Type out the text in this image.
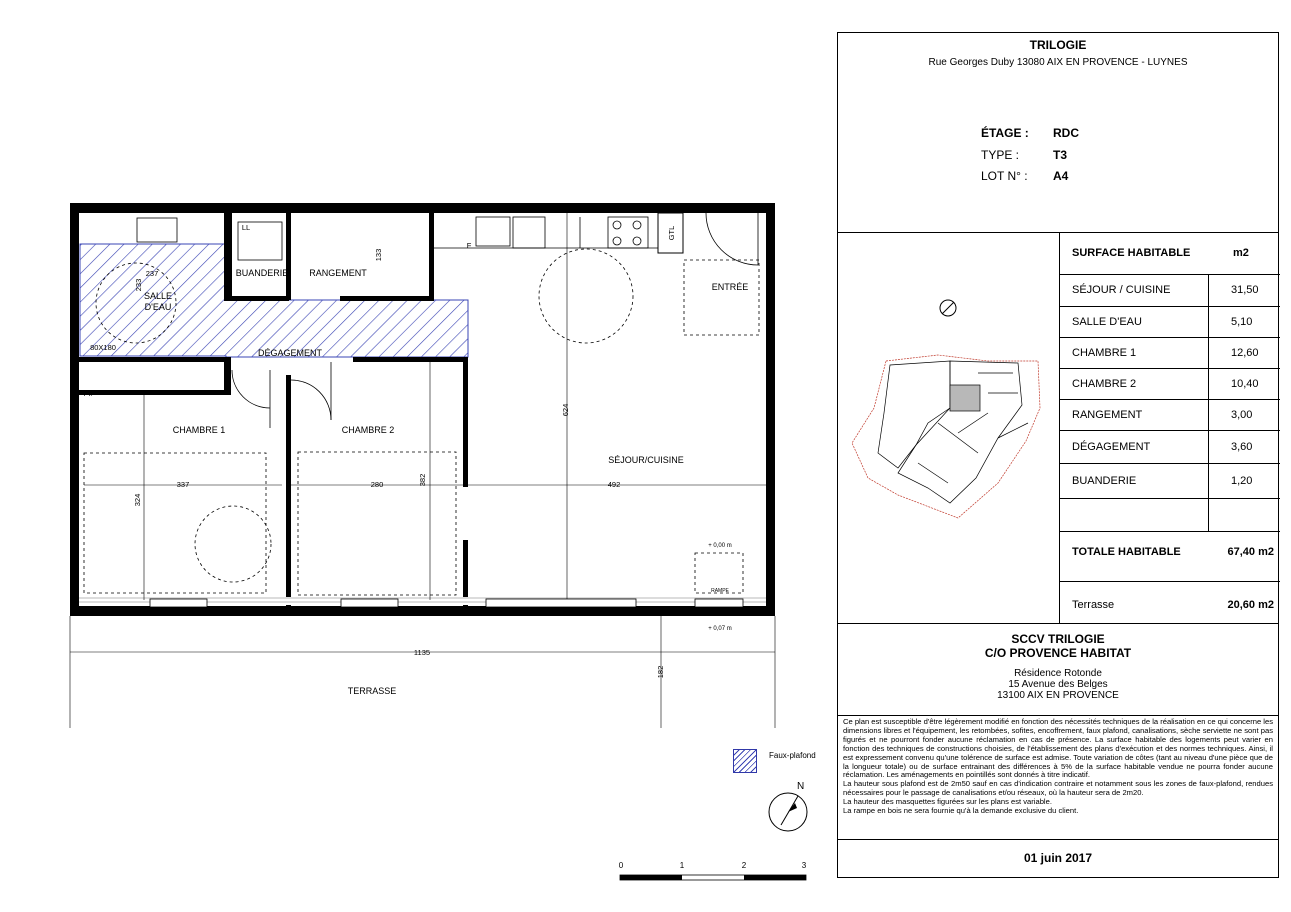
SALLE D'EAU
BUANDERIE RANGEMENT
DÉGAGEMENT
CHAMBRE 1	CHAMBRE 2
SÉJOUR/CUISINE
ENTRÉE
TERRASSE
237
233
133
80X180
624
324
337	280	382	492
1135
182
LL
F
GTL
Pl.
RAMPE
+ 0,00 m
+ 0,07 m
0	1	2	3
Faux-plafond
N
TRILOGIE
Rue Georges Duby 13080 AIX EN PROVENCE - LUYNES
ÉTAGE : RDC
TYPE :	T3
LOT N° : A4
SURFACE HABITABLE	m2
SÉJOUR / CUISINE	31,50
SALLE D'EAU	5,10
CHAMBRE 1	12,60
CHAMBRE 2	10,40
RANGEMENT	3,00
DÉGAGEMENT	3,60
BUANDERIE	1,20
TOTALE HABITABLE	67,40 m2
Terrasse	20,60 m2
SCCV TRILOGIE
C/O PROVENCE HABITAT
Résidence Rotonde
15 Avenue des Belges
13100 AIX EN PROVENCE

Ce plan est susceptible d'être légèrement modifié en fonction des nécessités techniques de la réalisation en ce qui concerne les dimensions libres et l'équipement, les retombées, sofites, encoffrement, faux plafond, canalisations, sèche serviette ne sont pas figurés et ne pourront fonder aucune réclamation en cas de présence. La surface habitable des logements peut varier en fonction des techniques de constructions choisies, de l'établissement des plans d'exécution et des normes techniques. Ainsi, il est expressement convenu qu'une tolérence de surface est admise. Toute variation de côtes (tant au niveau d'une pièce que de la longueur totale) ou de surface entrainant des différences à 5% de la surface habitable vendue ne pourra fonder aucune réclamation. Les aménagements en pointillés sont donnés à titre indicatif.

La hauteur sous plafond est de 2m50 sauf en cas d'indication contraire et notamment sous les zones de faux-plafond, rendues nécessaires pour le passage de canalisations et/ou réseaux, où la hauteur sera de 2m20.

La hauteur des masquettes figurées sur les plans est variable.

La rampe en bois ne sera fournie qu'à la demande exclusive du client.

01 juin 2017
